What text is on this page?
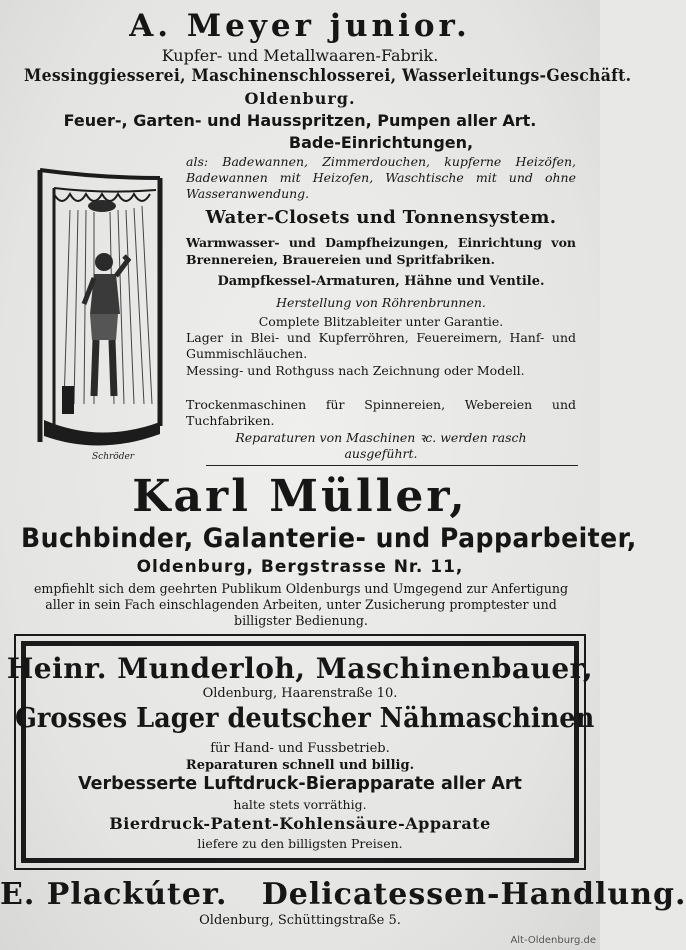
A. Meyer junior.
Kupfer- und Metallwaaren-Fabrik.
Messinggiesserei, Maschinenschlosserei, Wasserleitungs-Geschäft.
Oldenburg.
Feuer-, Garten- und Hausspritzen, Pumpen aller Art.
Schröder
Bade-Einrichtungen,
als: Badewannen, Zimmerdouchen, kupferne Heizöfen, Badewannen mit Heizofen, Waschtische mit und ohne Wasseranwendung.
Water-Closets und Tonnensystem.
Warmwasser- und Dampfheizungen, Einrichtung von Brennereien, Brauereien und Spritfabriken.
Dampfkessel-Armaturen, Hähne und Ventile.
Herstellung von Röhrenbrunnen.
Complete Blitzableiter unter Garantie.
Lager in Blei- und Kupferröhren, Feuereimern, Hanf- und Gummischläuchen.
Messing- und Rothguss nach Zeichnung oder Modell.
Trockenmaschinen für Spinnereien, Webereien und Tuchfabriken.
Reparaturen von Maschinen ꝛc. werden rasch ausgeführt.
Karl Müller,
Buchbinder, Galanterie- und Papparbeiter,
Oldenburg, Bergstrasse Nr. 11,
empfiehlt sich dem geehrten Publikum Oldenburgs und Umgegend zur Anfertigung aller in sein Fach einschlagenden Arbeiten, unter Zusicherung promptester und billigster Bedienung.
Heinr. Munderloh, Maschinenbauer,
Oldenburg, Haarenstraße 10.
Grosses Lager deutscher Nähmaschinen
für Hand- und Fussbetrieb.
Reparaturen schnell und billig.
Verbesserte Luftdruck-Bierapparate aller Art
halte stets vorräthig.
Bierdruck-Patent-Kohlensäure-Apparate
liefere zu den billigsten Preisen.
E. Plackúter.   Delicatessen-Handlung.
Oldenburg, Schüttingstraße 5.
Alt-Oldenburg.de
